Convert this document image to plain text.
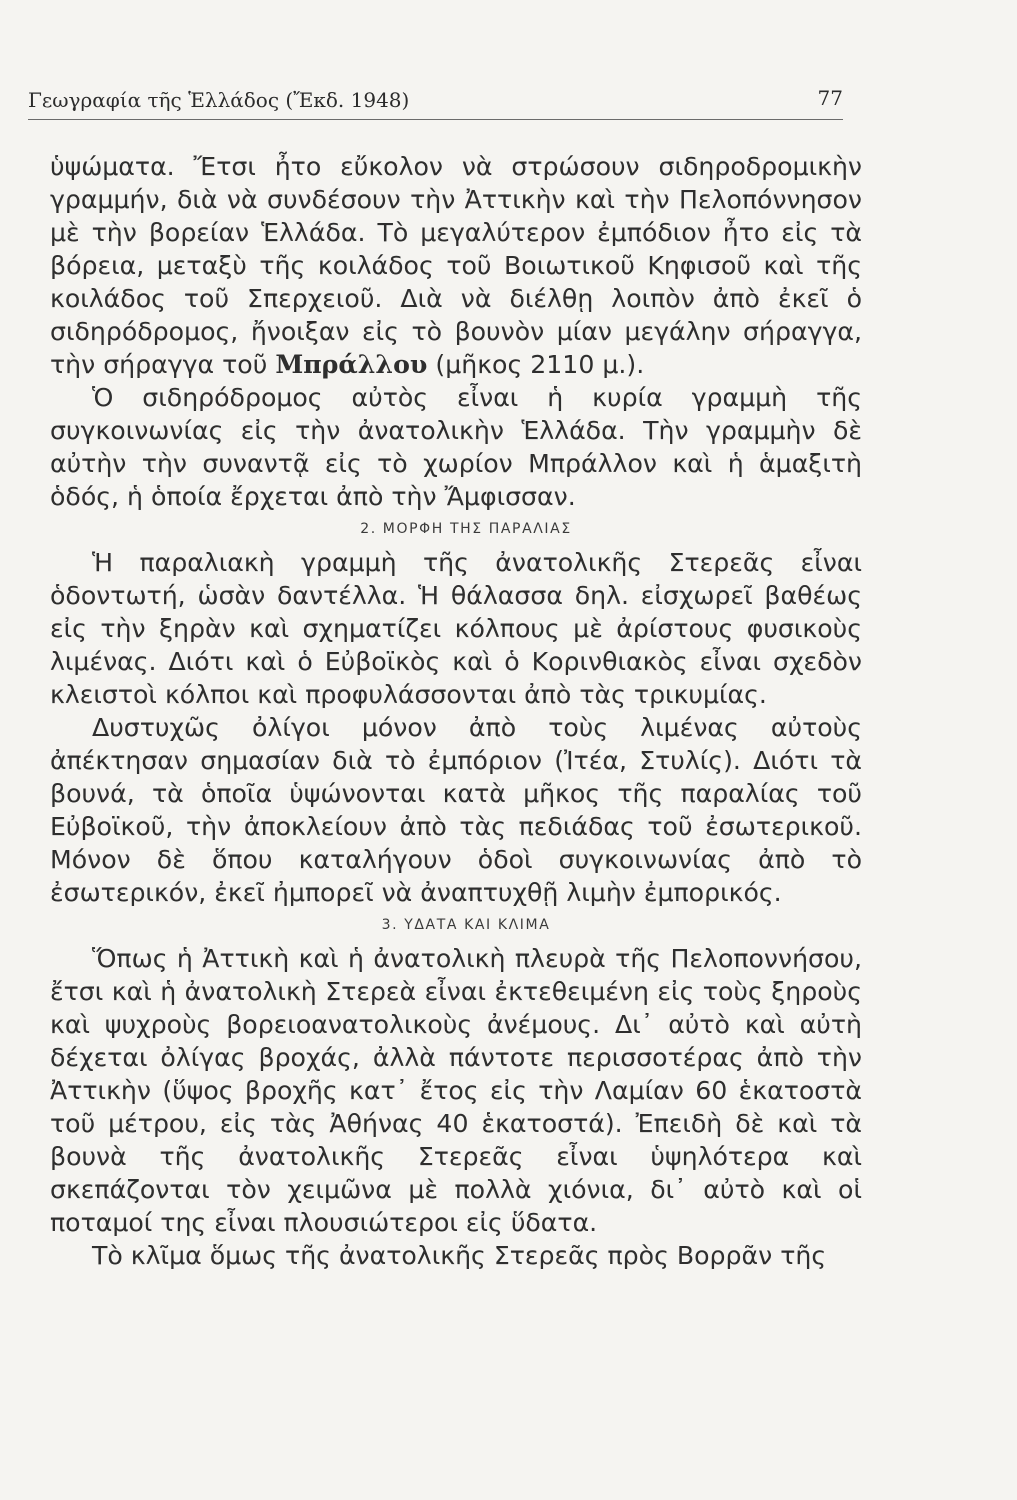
Γεωγραφία τῆς Ἑλλάδος (Ἔκδ. 1948)	77

ὑψώματα. Ἔτσι ἦτο εὔκολον νὰ στρώσουν σιδηροδρομικὴν γραμμήν, διὰ νὰ συνδέσουν τὴν Ἀττικὴν καὶ τὴν Πελοπόννησον μὲ τὴν βορείαν Ἑλλάδα. Τὸ μεγαλύτερον ἐμπόδιον ἦτο εἰς τὰ βόρεια, μεταξὺ τῆς κοιλάδος τοῦ Βοιωτικοῦ Κηφισοῦ καὶ τῆς κοιλάδος τοῦ Σπερχειοῦ. Διὰ νὰ διέλθῃ λοιπὸν ἀπὸ ἐκεῖ ὁ σιδηρόδρομος, ἤνοιξαν εἰς τὸ βουνὸν μίαν μεγάλην σήραγγα, τὴν σήραγγα τοῦ Μπράλλου (μῆκος 2110 μ.).

Ὁ σιδηρόδρομος αὐτὸς εἶναι ἡ κυρία γραμμὴ τῆς συγκοινωνίας εἰς τὴν ἀνατολικὴν Ἑλλάδα. Τὴν γραμμὴν δὲ αὐτὴν τὴν συναντᾷ εἰς τὸ χωρίον Μπράλλον καὶ ἡ ἁμαξιτὴ ὁδός, ἡ ὁποία ἔρχεται ἀπὸ τὴν Ἄμφισσαν.

2. ΜΟΡΦΗ ΤΗΣ ΠΑΡΑΛΙΑΣ

Ἡ παραλιακὴ γραμμὴ τῆς ἀνατολικῆς Στερεᾶς εἶναι ὁδοντωτή, ὡσὰν δαντέλλα. Ἡ θάλασσα δηλ. εἰσχωρεῖ βαθέως εἰς τὴν ξηρὰν καὶ σχηματίζει κόλπους μὲ ἀρίστους φυσικοὺς λιμένας. Διότι καὶ ὁ Εὐβοϊκὸς καὶ ὁ Κορινθιακὸς εἶναι σχεδὸν κλειστοὶ κόλποι καὶ προφυλάσσονται ἀπὸ τὰς τρικυμίας.

Δυστυχῶς ὀλίγοι μόνον ἀπὸ τοὺς λιμένας αὐτοὺς ἀπέκτησαν σημασίαν διὰ τὸ ἐμπόριον (Ἰτέα, Στυλίς). Διότι τὰ βουνά, τὰ ὁποῖα ὑψώνονται κατὰ μῆκος τῆς παραλίας τοῦ Εὐβοϊκοῦ, τὴν ἀποκλείουν ἀπὸ τὰς πεδιάδας τοῦ ἐσωτερικοῦ. Μόνον δὲ ὅπου καταλήγουν ὁδοὶ συγκοινωνίας ἀπὸ τὸ ἐσωτερικόν, ἐκεῖ ἠμπορεῖ νὰ ἀναπτυχθῇ λιμὴν ἐμπορικός.

3. ΥΔΑΤΑ ΚΑΙ ΚΛΙΜΑ

Ὅπως ἡ Ἀττικὴ καὶ ἡ ἀνατολικὴ πλευρὰ τῆς Πελοποννήσου, ἔτσι καὶ ἡ ἀνατολικὴ Στερεὰ εἶναι ἐκτεθειμένη εἰς τοὺς ξηροὺς καὶ ψυχροὺς βορειοανατολικοὺς ἀνέμους. Δι᾿ αὐτὸ καὶ αὐτὴ δέχεται ὀλίγας βροχάς, ἀλλὰ πάντοτε περισσοτέρας ἀπὸ τὴν Ἀττικὴν (ὕψος βροχῆς κατ᾿ ἔτος εἰς τὴν Λαμίαν 60 ἑκατοστὰ τοῦ μέτρου, εἰς τὰς Ἀθήνας 40 ἑκατοστά). Ἐπειδὴ δὲ καὶ τὰ βουνὰ τῆς ἀνατολικῆς Στερεᾶς εἶναι ὑψηλότερα καὶ σκεπάζονται τὸν χειμῶνα μὲ πολλὰ χιόνια, δι᾿ αὐτὸ καὶ οἱ ποταμοί της εἶναι πλουσιώτεροι εἰς ὕδατα.

Τὸ κλῖμα ὅμως τῆς ἀνατολικῆς Στερεᾶς πρὸς Βορρᾶν τῆς
